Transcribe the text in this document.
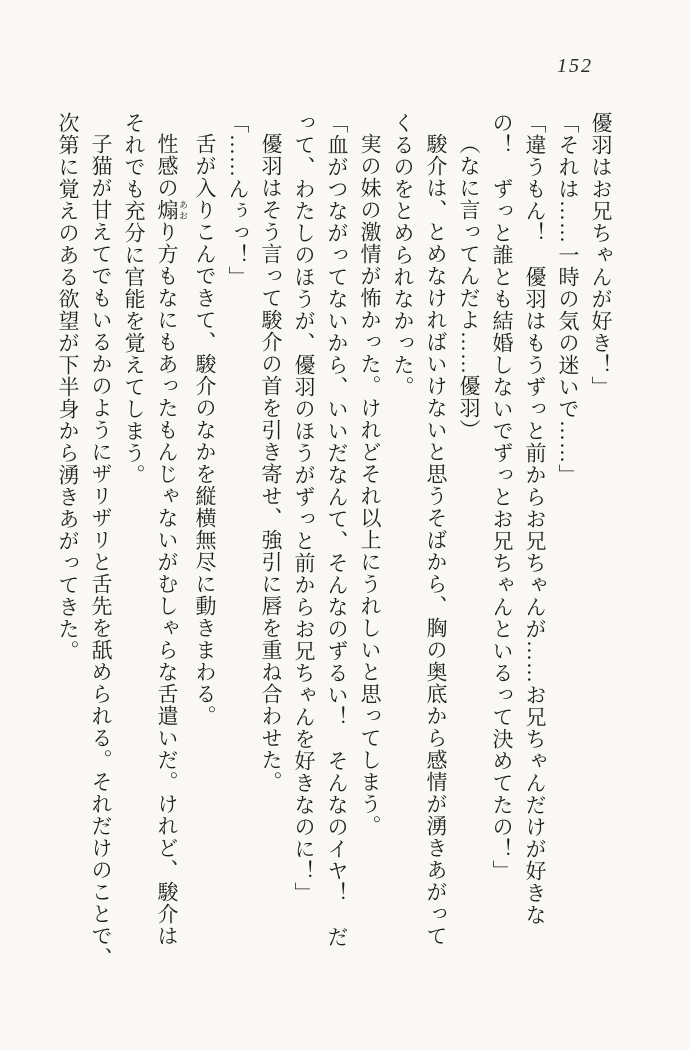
152

優羽はお兄ちゃんが好き！」

「それは……一時の気の迷いで……」

「違うもん！　優羽はもうずっと前からお兄ちゃんが……お兄ちゃんだけが好きな

の！　ずっと誰とも結婚しないでずっとお兄ちゃんといるって決めてたの！」

（なに言ってんだよ……優羽）

駿介は、とめなければいけないと思うそばから、胸の奥底から感情が湧きあがって

くるのをとめられなかった。

実の妹の激情が怖かった。けれどそれ以上にうれしいと思ってしまう。

「血がつながってないから、いいだなんて、そんなのずるい！　そんなのイヤ！　だ

って、わたしのほうが、優羽のほうがずっと前からお兄ちゃんを好きなのに！」

優羽はそう言って駿介の首を引き寄せ、強引に唇を重ね合わせた。

「……んぅっ！」

舌が入りこんできて、駿介のなかを縦横無尽に動きまわる。

性感の煽 あおり方もなにもあったもんじゃないがむしゃらな舌遣いだ。けれど、駿介は

それでも充分に官能を覚えてしまう。

子猫が甘えてでもいるかのようにザリザリと舌先を舐められる。それだけのことで、

次第に覚えのある欲望が下半身から湧きあがってきた。
